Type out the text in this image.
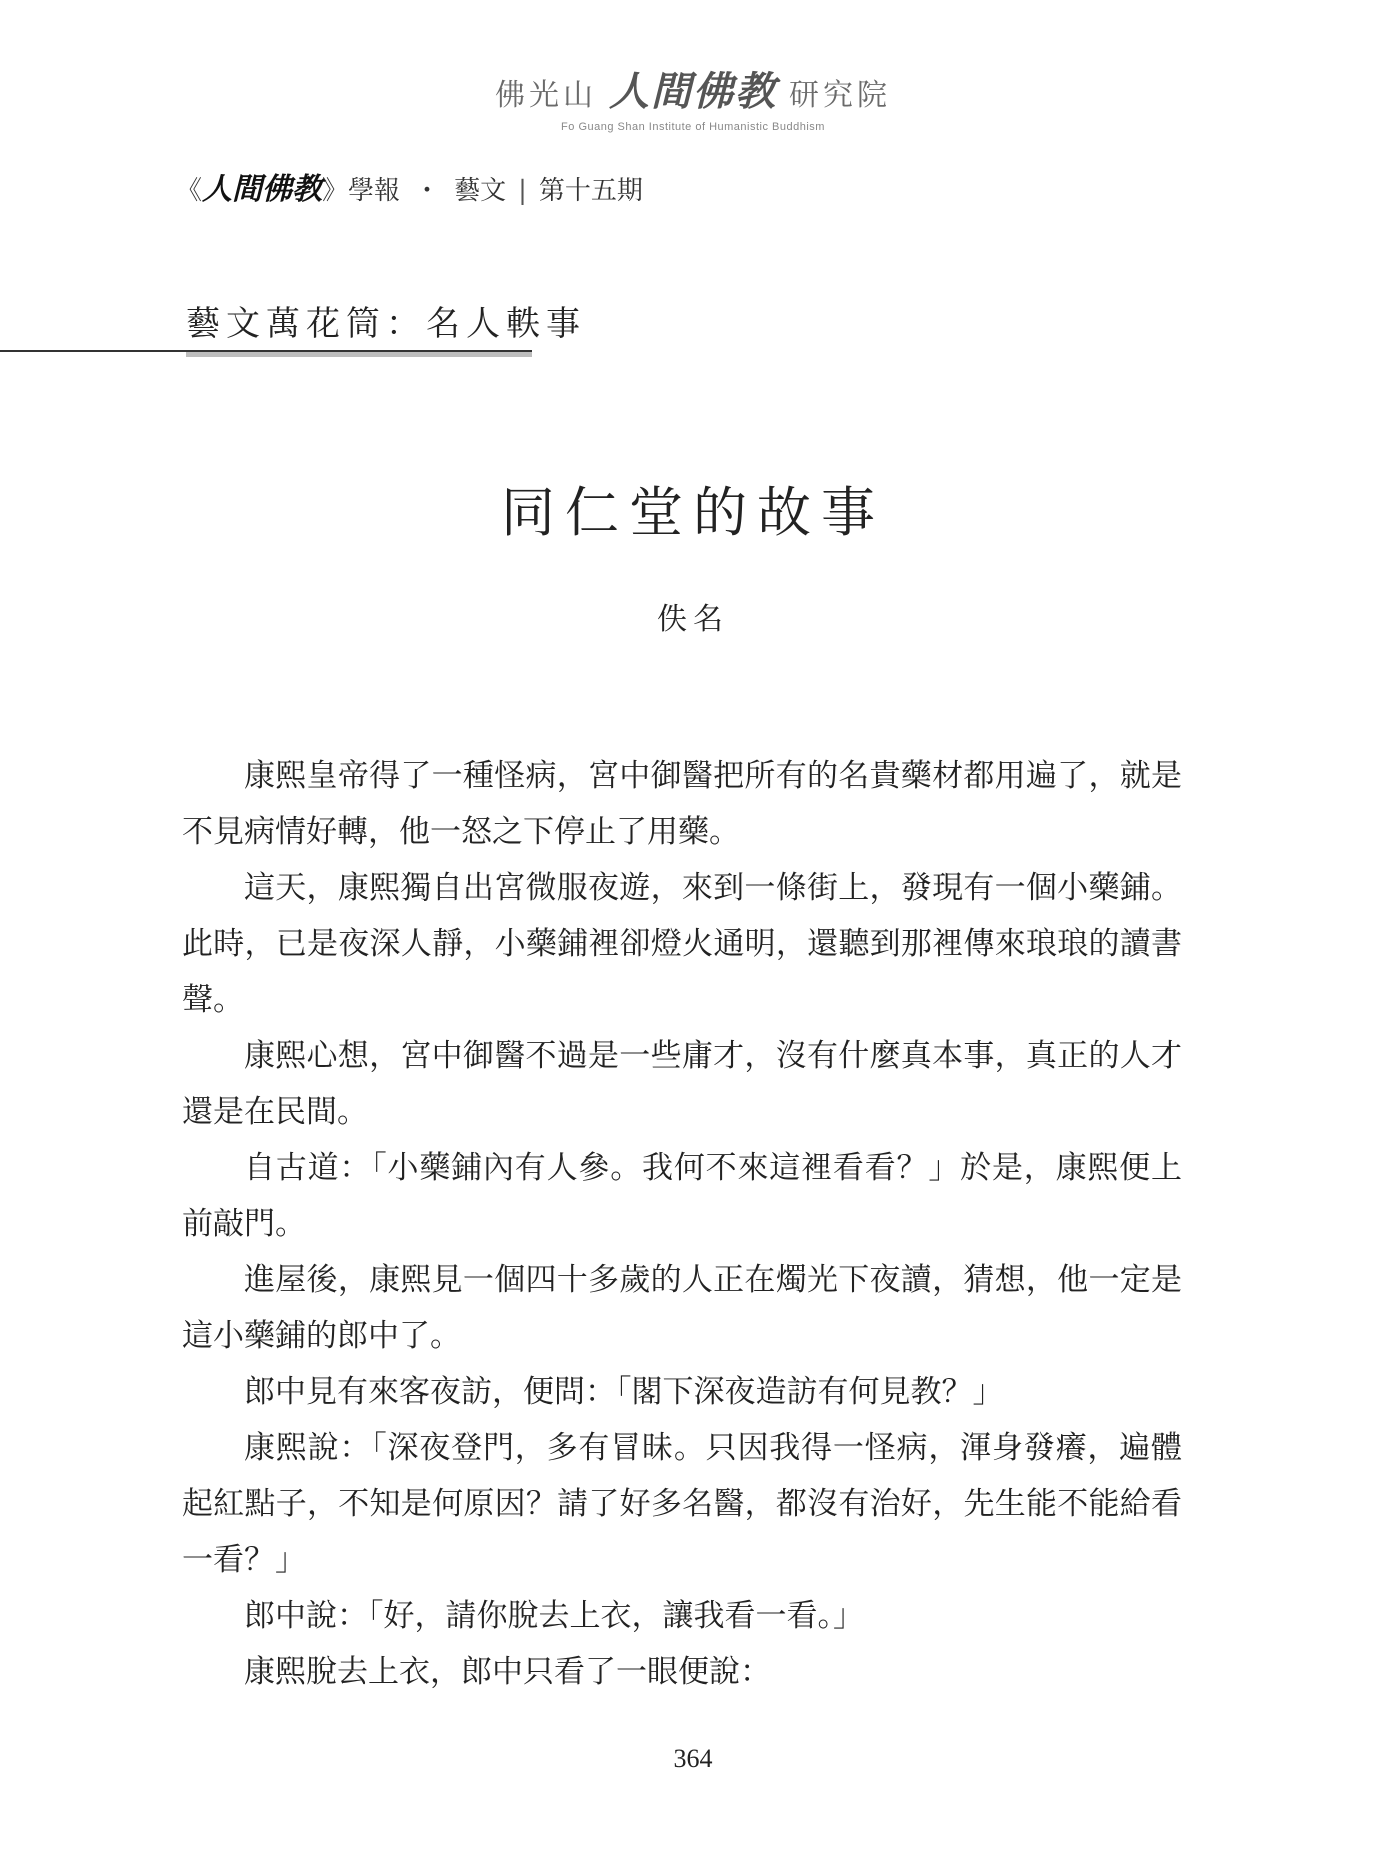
佛光山 人間佛教 研究院
Fo Guang Shan Institute of Humanistic Buddhism
《 人間佛教 》 學報 ・ 藝文 | 第十五期
藝文萬花筒：名人軼事
同仁堂的故事
佚名

康熙皇帝得了一種怪病，宮中御醫把所有的名貴藥材都用遍了，就是不見病情好轉，他一怒之下停止了用藥。

這天，康熙獨自出宮微服夜遊，來到一條街上，發現有一個小藥鋪。此時，已是夜深人靜，小藥鋪裡卻燈火通明，還聽到那裡傳來琅琅的讀書聲。

康熙心想，宮中御醫不過是一些庸才，沒有什麼真本事，真正的人才還是在民間。

自古道：「小藥鋪內有人參。我何不來這裡看看？」於是，康熙便上前敲門。

進屋後，康熙見一個四十多歲的人正在燭光下夜讀，猜想，他一定是這小藥鋪的郎中了。

郎中見有來客夜訪，便問：「閣下深夜造訪有何見教？」

康熙說：「深夜登門，多有冒昧。只因我得一怪病，渾身發癢，遍體起紅點子，不知是何原因？請了好多名醫，都沒有治好，先生能不能給看一看？」

郎中說：「好，請你脫去上衣，讓我看一看。」

康熙脫去上衣，郎中只看了一眼便說：

364
